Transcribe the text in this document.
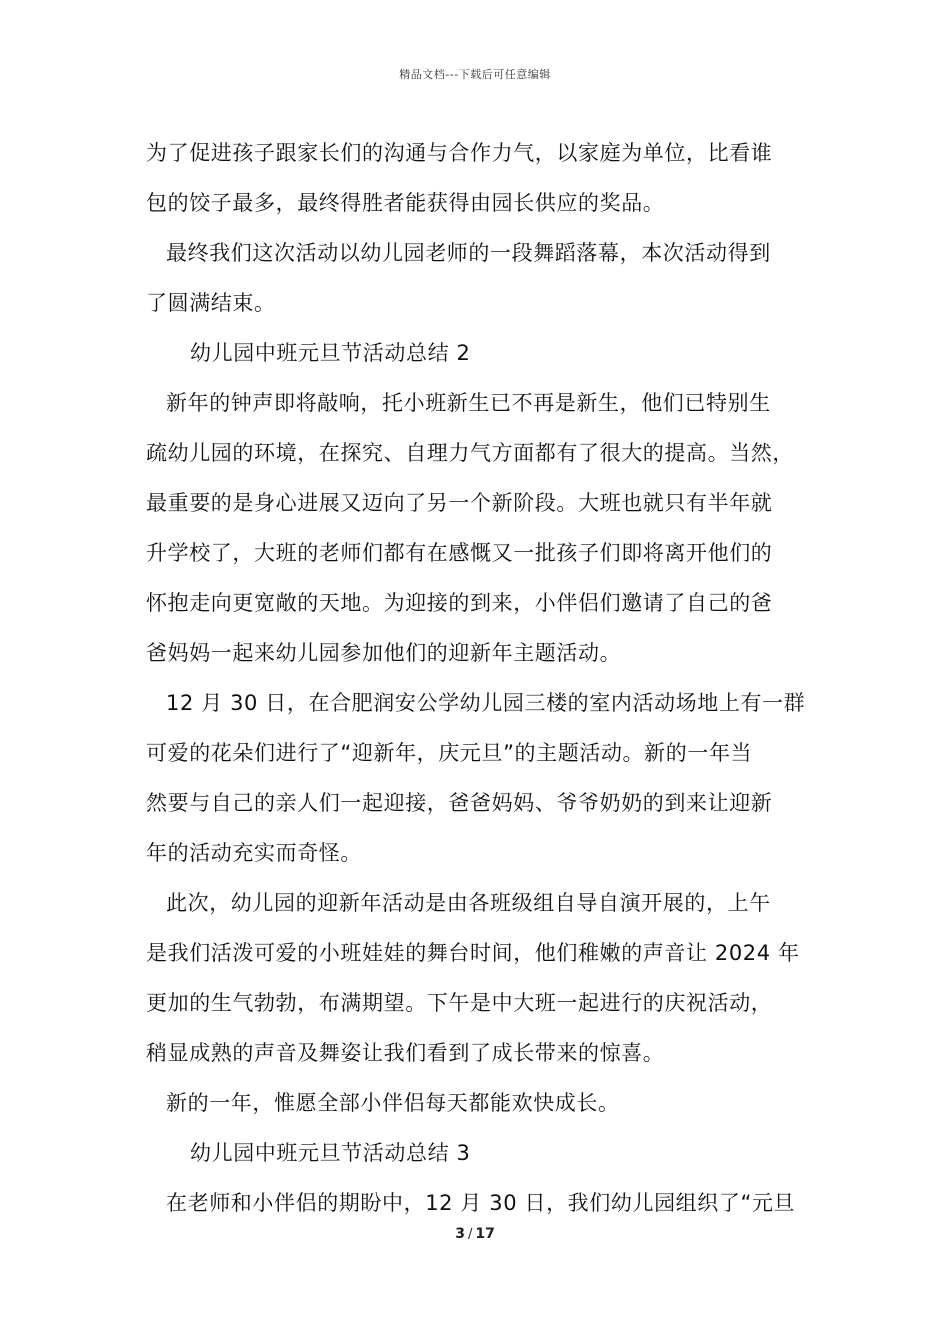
精品文档---下载后可任意编辑
为了促进孩子跟家长们的沟通与合作力气，以家庭为单位，比看谁
包的饺子最多，最终得胜者能获得由园长供应的奖品。
最终我们这次活动以幼儿园老师的一段舞蹈落幕，本次活动得到
了圆满结束。
幼儿园中班元旦节活动总结 2
新年的钟声即将敲响，托小班新生已不再是新生，他们已特别生
疏幼儿园的环境，在探究、自理力气方面都有了很大的提高。当然，
最重要的是身心进展又迈向了另一个新阶段。大班也就只有半年就
升学校了，大班的老师们都有在感慨又一批孩子们即将离开他们的
怀抱走向更宽敞的天地。为迎接的到来，小伴侣们邀请了自己的爸
爸妈妈一起来幼儿园参加他们的迎新年主题活动。
12 月 30 日，在合肥润安公学幼儿园三楼的室内活动场地上有一群
可爱的花朵们进行了“迎新年，庆元旦”的主题活动。新的一年当
然要与自己的亲人们一起迎接，爸爸妈妈、爷爷奶奶的到来让迎新
年的活动充实而奇怪。
此次，幼儿园的迎新年活动是由各班级组自导自演开展的，上午
是我们活泼可爱的小班娃娃的舞台时间，他们稚嫩的声音让 2024 年
更加的生气勃勃，布满期望。下午是中大班一起进行的庆祝活动，
稍显成熟的声音及舞姿让我们看到了成长带来的惊喜。
新的一年，惟愿全部小伴侣每天都能欢快成长。
幼儿园中班元旦节活动总结 3
在老师和小伴侣的期盼中，12 月 30 日，我们幼儿园组织了“元旦
3 / 17
